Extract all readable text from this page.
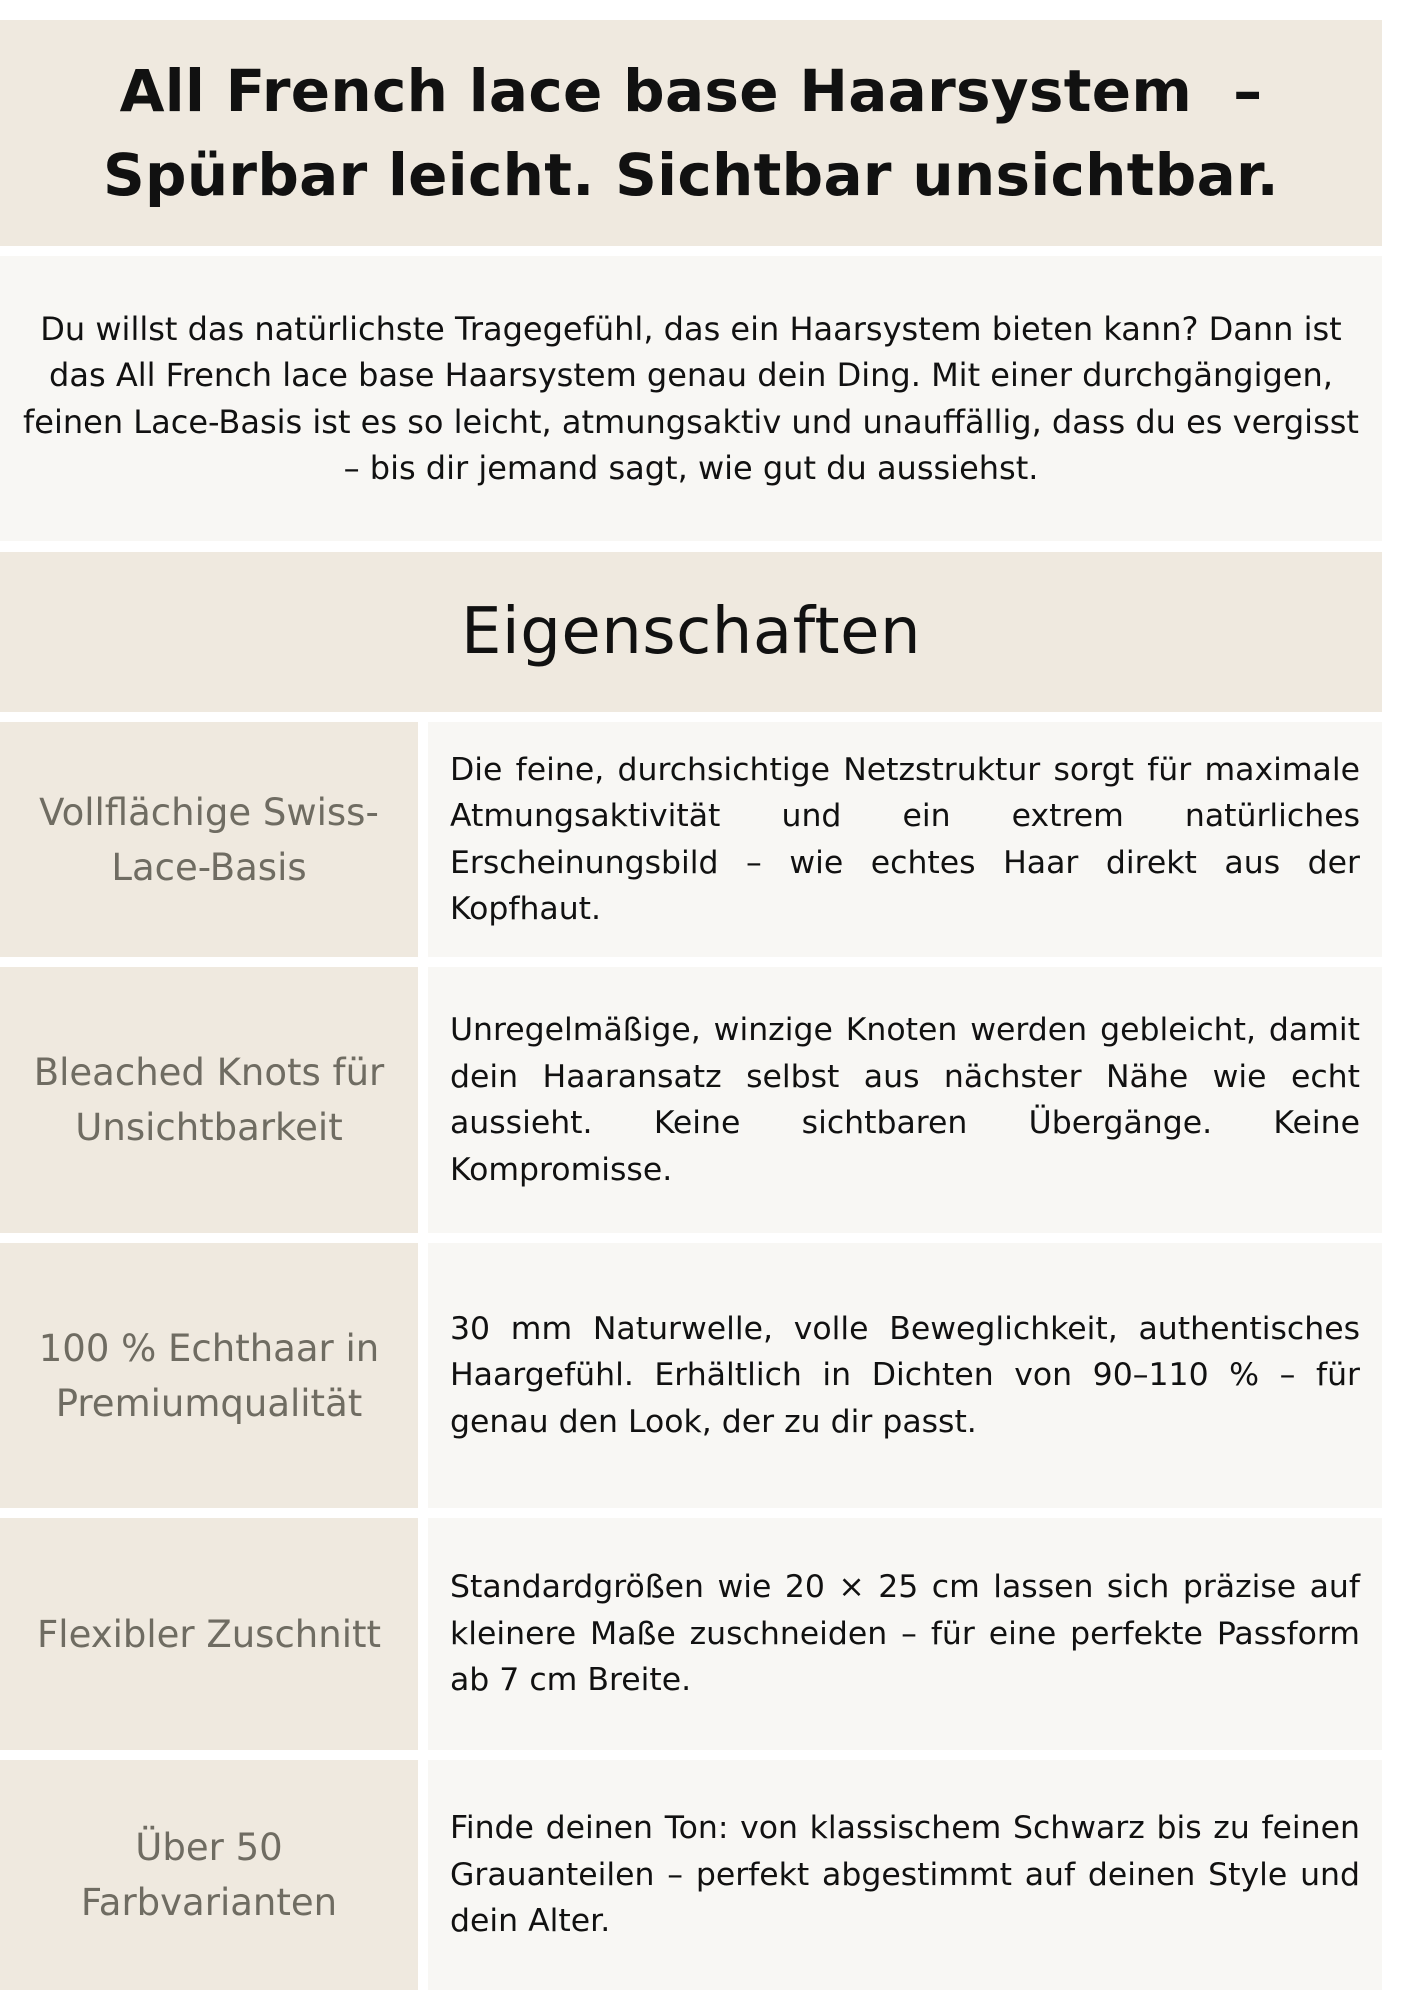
All French lace base Haarsystem  –
Spürbar leicht. Sichtbar unsichtbar.
Du willst das natürlichste Tragegefühl, das ein Haarsystem bieten kann? Dann ist das All French lace base Haarsystem genau dein Ding. Mit einer durchgängigen, feinen Lace-Basis ist es so leicht, atmungsaktiv und unauffällig, dass du es vergisst – bis dir jemand sagt, wie gut du aussiehst.
Eigenschaften
Vollflächige Swiss-Lace-Basis
Die feine, durchsichtige Netzstruktur sorgt für maximale Atmungsaktivität und ein extrem natürliches Erscheinungsbild – wie echtes Haar direkt aus der Kopfhaut.
Bleached Knots für Unsichtbarkeit
Unregelmäßige, winzige Knoten werden gebleicht, damit dein Haaransatz selbst aus nächster Nähe wie echt aussieht. Keine sichtbaren Übergänge. Keine Kompromisse.
100 % Echthaar in Premiumqualität
30 mm Naturwelle, volle Beweglichkeit, authentisches Haargefühl. Erhältlich in Dichten von 90–110 % – für genau den Look, der zu dir passt.
Flexibler Zuschnitt
Standardgrößen wie 20 × 25 cm lassen sich präzise auf kleinere Maße zuschneiden – für eine perfekte Passform ab 7 cm Breite.
Über 50 Farbvarianten
Finde deinen Ton: von klassischem Schwarz bis zu feinen Grauanteilen – perfekt abgestimmt auf deinen Style und dein Alter.
